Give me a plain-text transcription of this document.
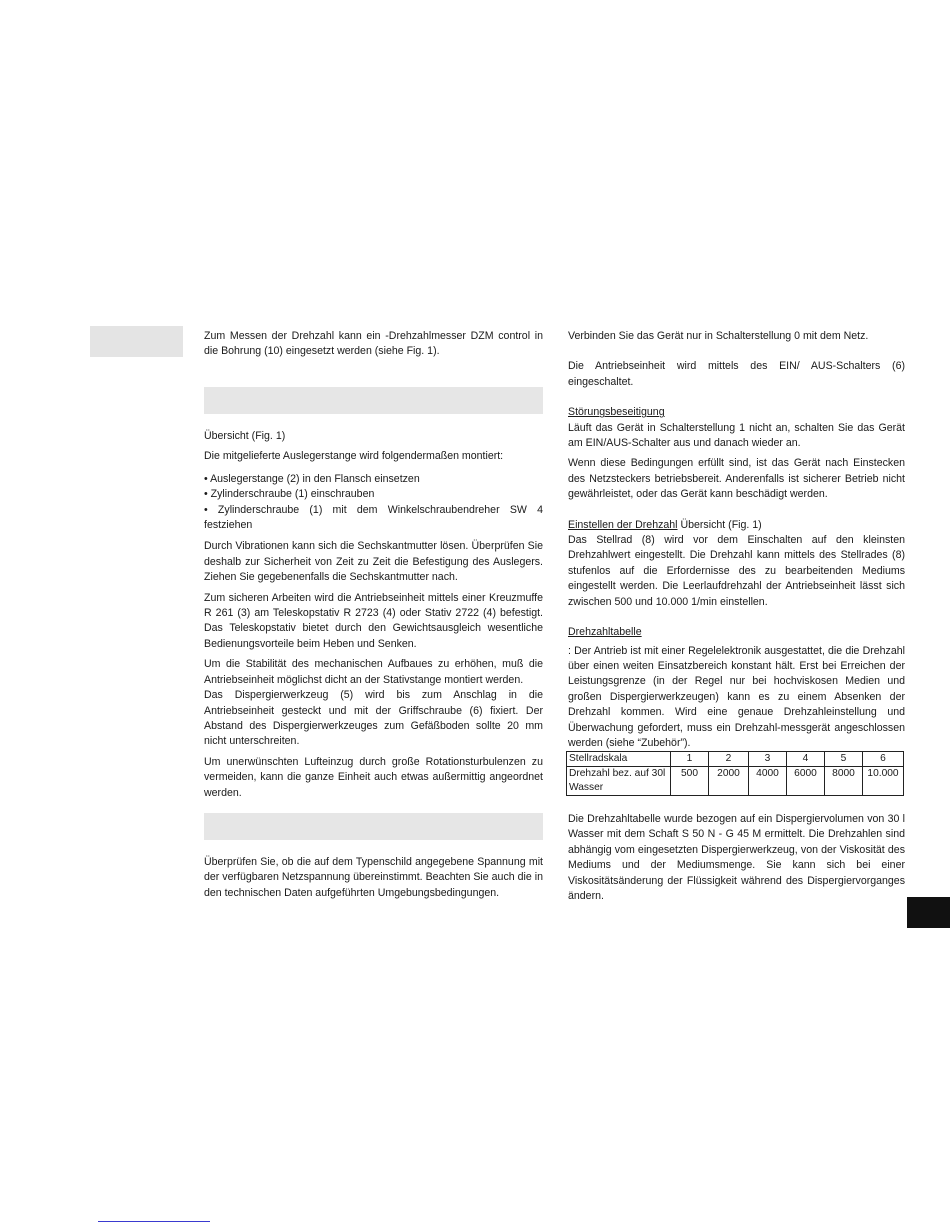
Zum Messen der Drehzahl kann ein -Drehzahlmesser DZM control in die Bohrung (10) eingesetzt werden (siehe Fig. 1).

Übersicht (Fig. 1)

Die mitgelieferte Auslegerstange wird folgendermaßen montiert:

• Auslegerstange (2) in den Flansch einsetzen
• Zylinderschraube (1) einschrauben
• Zylinderschraube (1) mit dem Winkelschraubendreher SW 4 festziehen

Durch Vibrationen kann sich die Sechskantmutter lösen. Überprüfen Sie deshalb zur Sicherheit von Zeit zu Zeit die Befestigung des Auslegers. Ziehen Sie gegebenenfalls die Sechskantmutter nach.

Zum sicheren Arbeiten wird die Antriebseinheit mittels einer Kreuzmuffe R 261 (3) am Teleskopstativ R 2723 (4) oder Stativ 2722 (4) befestigt. Das Teleskopstativ bietet durch den Gewichtsausgleich wesentliche Bedienungsvorteile beim Heben und Senken.

Um die Stabilität des mechanischen Aufbaues zu erhöhen, muß die Antriebseinheit möglichst dicht an der Stativstange montiert werden.

Das Dispergierwerkzeug (5) wird bis zum Anschlag in die Antriebseinheit gesteckt und mit der Griffschraube (6) fixiert. Der Abstand des Dispergierwerkzeuges zum Gefäßboden sollte 20 mm nicht unterschreiten.

Um unerwünschten Lufteinzug durch große Rotationsturbulenzen zu vermeiden, kann die ganze Einheit auch etwas außermittig angeordnet werden.

Überprüfen Sie, ob die auf dem Typenschild angegebene Spannung mit der verfügbaren Netzspannung übereinstimmt. Beachten Sie auch die in den technischen Daten aufgeführten Umgebungsbedingungen.

Verbinden Sie das Gerät nur in Schalterstellung 0 mit dem Netz.

Die Antriebseinheit wird mittels des EIN/ AUS-Schalters (6) eingeschaltet.

Störungsbeseitigung

Läuft das Gerät in Schalterstellung 1 nicht an, schalten Sie das Gerät am EIN/AUS-Schalter aus und danach wieder an.

Wenn diese Bedingungen erfüllt sind, ist das Gerät nach Einstecken des Netzsteckers betriebsbereit. Anderenfalls ist sicherer Betrieb nicht gewährleistet, oder das Gerät kann beschädigt werden.

Einstellen der Drehzahl Übersicht (Fig. 1)

Das Stellrad (8) wird vor dem Einschalten auf den kleinsten Drehzahlwert eingestellt. Die Drehzahl kann mittels des Stellrades (8) stufenlos auf die Erfordernisse des zu bearbeitenden Mediums eingestellt werden. Die Leerlaufdrehzahl der Antriebseinheit lässt sich zwischen 500 und 10.000 1/min einstellen.

Drehzahltabelle

: Der Antrieb ist mit einer Regelelektronik ausgestattet, die die Drehzahl über einen weiten Einsatzbereich konstant hält. Erst bei Erreichen der Leistungsgrenze (in der Regel nur bei hochviskosen Medien und großen Dispergierwerkzeugen) kann es zu einem Absenken der Drehzahl kommen. Wird eine genaue Drehzahleinstellung und Überwachung gefordert, muss ein Drehzahl-messgerät angeschlossen werden (siehe “Zubehör”).

Stellradskala	1	2	3	4	5	6
Drehzahl bez. auf 30l Wasser	500	2000	4000	6000	8000	10.000

Die Drehzahltabelle wurde bezogen auf ein Dispergiervolumen von 30 l Wasser mit dem Schaft S 50 N - G 45 M ermittelt. Die Drehzahlen sind abhängig vom eingesetzten Dispergierwerkzeug, von der Viskosität des Mediums und der Mediumsmenge. Sie kann sich bei einer Viskositätsänderung der Flüssigkeit während des Dispergiervorganges ändern.
